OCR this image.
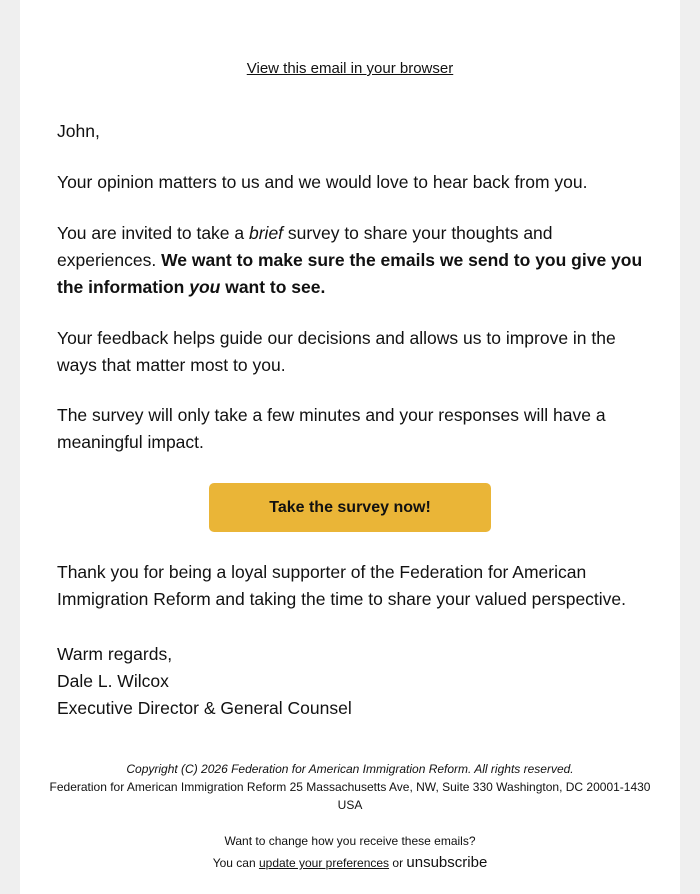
View this email in your browser

John,

Your opinion matters to us and we would love to hear back from you.

You are invited to take a brief survey to share your thoughts and experiences. We want to make sure the emails we send to you give you the information you want to see.

Your feedback helps guide our decisions and allows us to improve in the ways that matter most to you.

The survey will only take a few minutes and your responses will have a meaningful impact.

Take the survey now!

Thank you for being a loyal supporter of the Federation for American Immigration Reform and taking the time to share your valued perspective.

Warm regards,

Dale L. Wilcox

Executive Director & General Counsel

Copyright (C) 2026 Federation for American Immigration Reform. All rights reserved.
Federation for American Immigration Reform 25 Massachusetts Ave, NW, Suite 330 Washington, DC 20001-1430
USA
Want to change how you receive these emails?
You can update your preferences or unsubscribe
